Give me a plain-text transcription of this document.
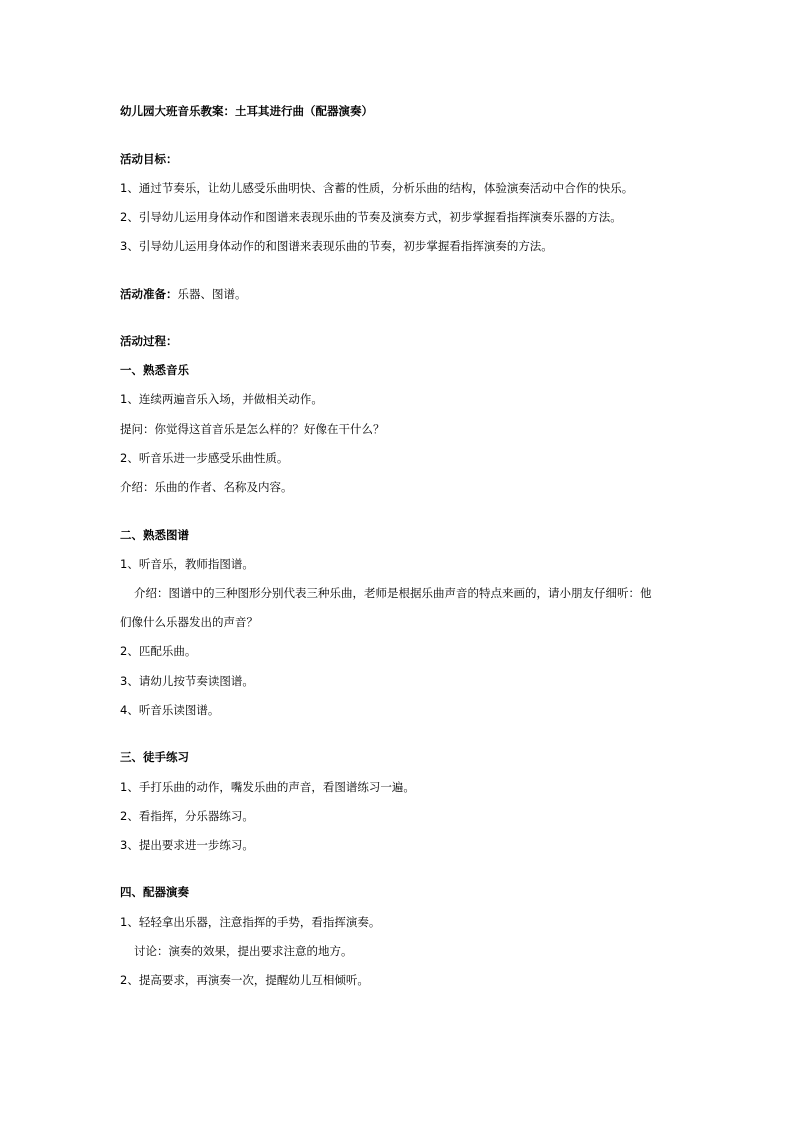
幼儿园大班音乐教案：土耳其进行曲（配器演奏）
活动目标：
1、通过节奏乐，让幼儿感受乐曲明快、含蓄的性质，分析乐曲的结构，体验演奏活动中合作的快乐。
2、引导幼儿运用身体动作和图谱来表现乐曲的节奏及演奏方式，初步掌握看指挥演奏乐器的方法。
3、引导幼儿运用身体动作的和图谱来表现乐曲的节奏，初步掌握看指挥演奏的方法。
活动准备：乐器、图谱。
活动过程：
一、熟悉音乐
1、连续两遍音乐入场，并做相关动作。
提问：你觉得这首音乐是怎么样的？好像在干什么？
2、听音乐进一步感受乐曲性质。
介绍：乐曲的作者、名称及内容。
二、熟悉图谱
1、听音乐，教师指图谱。
介绍：图谱中的三种图形分别代表三种乐曲，老师是根据乐曲声音的特点来画的，请小朋友仔细听：他
们像什么乐器发出的声音？
2、匹配乐曲。
3、请幼儿按节奏读图谱。
4、听音乐读图谱。
三、徒手练习
1、手打乐曲的动作，嘴发乐曲的声音，看图谱练习一遍。
2、看指挥，分乐器练习。
3、提出要求进一步练习。
四、配器演奏
1、轻轻拿出乐器，注意指挥的手势，看指挥演奏。
讨论：演奏的效果，提出要求注意的地方。
2、提高要求，再演奏一次，提醒幼儿互相倾听。
